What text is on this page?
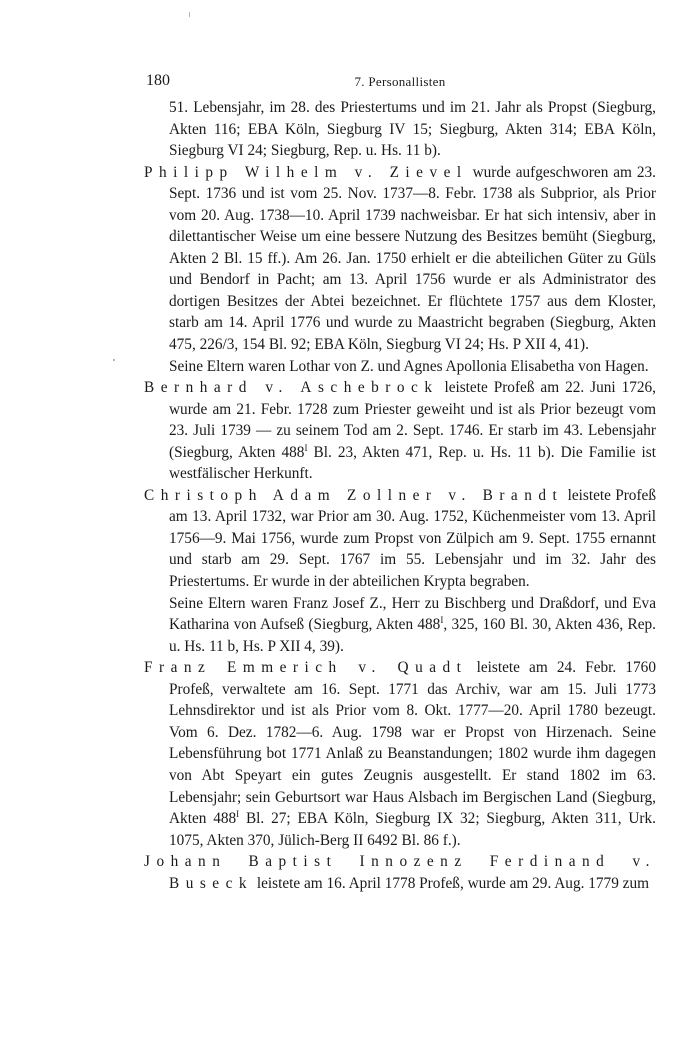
180	7. Personallisten
51. Lebensjahr, im 28. des Priestertums und im 21. Jahr als Propst (Siegburg, Akten 116; EBA Köln, Siegburg IV 15; Siegburg, Akten 314; EBA Köln, Siegburg VI 24; Siegburg, Rep. u. Hs. 11 b).
Philipp Wilhelm v. Zievel wurde aufgeschworen am 23. Sept. 1736 und ist vom 25. Nov. 1737—8. Febr. 1738 als Subprior, als Prior vom 20. Aug. 1738—10. April 1739 nachweisbar. Er hat sich intensiv, aber in dilettantischer Weise um eine bessere Nutzung des Besitzes bemüht (Siegburg, Akten 2 Bl. 15 ff.). Am 26. Jan. 1750 erhielt er die abteilichen Güter zu Güls und Bendorf in Pacht; am 13. April 1756 wurde er als Administrator des dortigen Besitzes der Abtei bezeichnet. Er flüchtete 1757 aus dem Kloster, starb am 14. April 1776 und wurde zu Maastricht begraben (Siegburg, Akten 475, 226/3, 154 Bl. 92; EBA Köln, Siegburg VI 24; Hs. P XII 4, 41).
Seine Eltern waren Lothar von Z. und Agnes Apollonia Elisabetha von Hagen.
Bernhard v. Aschebrock leistete Profeß am 22. Juni 1726, wurde am 21. Febr. 1728 zum Priester geweiht und ist als Prior bezeugt vom 23. Juli 1739 — zu seinem Tod am 2. Sept. 1746. Er starb im 43. Lebensjahr (Siegburg, Akten $488^I$ Bl. 23, Akten 471, Rep. u. Hs. 11 b). Die Familie ist westfälischer Herkunft.
Christoph Adam Zollner v. Brandt leistete Profeß am 13. April 1732, war Prior am 30. Aug. 1752, Küchenmeister vom 13. April 1756—9. Mai 1756, wurde zum Propst von Zülpich am 9. Sept. 1755 ernannt und starb am 29. Sept. 1767 im 55. Lebensjahr und im 32. Jahr des Priestertums. Er wurde in der abteilichen Krypta begraben.
Seine Eltern waren Franz Josef Z., Herr zu Bischberg und Draßdorf, und Eva Katharina von Aufseß (Siegburg, Akten $488^I$, 325, 160 Bl. 30, Akten 436, Rep. u. Hs. 11 b, Hs. P XII 4, 39).
Franz Emmerich v. Quadt leistete am 24. Febr. 1760 Profeß, verwaltete am 16. Sept. 1771 das Archiv, war am 15. Juli 1773 Lehnsdirektor und ist als Prior vom 8. Okt. 1777—20. April 1780 bezeugt. Vom 6. Dez. 1782—6. Aug. 1798 war er Propst von Hirzenach. Seine Lebensführung bot 1771 Anlaß zu Beanstandungen; 1802 wurde ihm dagegen von Abt Speyart ein gutes Zeugnis ausgestellt. Er stand 1802 im 63. Lebensjahr; sein Geburtsort war Haus Alsbach im Bergischen Land (Siegburg, Akten $488^I$ Bl. 27; EBA Köln, Siegburg IX 32; Siegburg, Akten 311, Urk. 1075, Akten 370, Jülich-Berg II 6492 Bl. 86 f.).
Johann Baptist Innozenz Ferdinand v. Buseck leistete am 16. April 1778 Profeß, wurde am 29. Aug. 1779 zum
